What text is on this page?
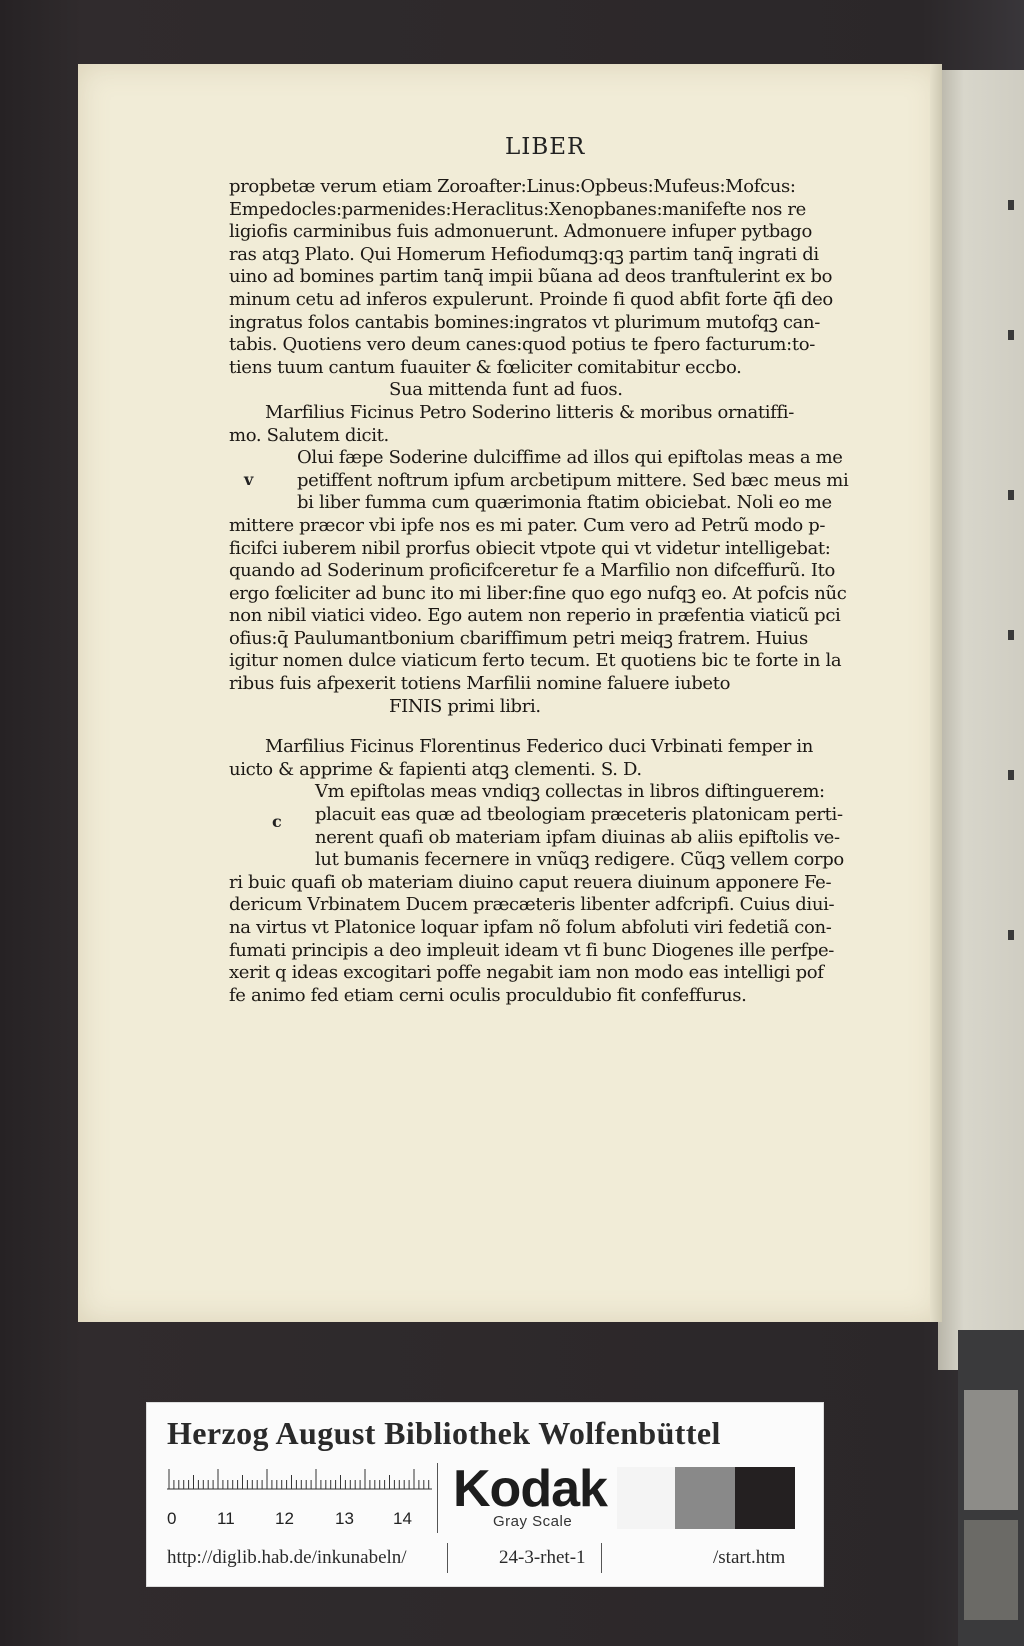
LIBER
propbetæ verum etiam Zoroafter:Linus:Opbeus:Mufeus:Mofcus:
Empedocles:parmenides:Heraclitus:Xenopbanes:manifefte nos re
ligiofis carminibus fuis admonuerunt. Admonuere infuper pytbago
ras atqꝫ Plato. Qui Homerum Hefiodumqꝫ:qꝫ partim tanq̄ ingrati di
uino ad bomines partim tanq̄ impii bũana ad deos tranftulerint ex bo
minum cetu ad inferos expulerunt. Proinde fi quod abfit forte q̄fi deo
ingratus folos cantabis bomines:ingratos vt plurimum mutofqꝫ can-
tabis. Quotiens vero deum canes:quod potius te fpero facturum:to-
tiens tuum cantum fuauiter & fœliciter comitabitur eccbo.
Sua mittenda funt ad fuos.
Marfilius Ficinus Petro Soderino litteris & moribus ornatiffi-
mo. Salutem dicit.
Olui fæpe Soderine dulciffime ad illos qui epiftolas meas a me
petiffent noftrum ipfum arcbetipum mittere. Sed bæc meus mi
bi liber fumma cum quærimonia ftatim obiciebat. Noli eo me
mittere præcor vbi ipfe nos es mi pater. Cum vero ad Petrũ modo p-
ficifci iuberem nibil prorfus obiecit vtpote qui vt videtur intelligebat:
quando ad Soderinum proficifceretur fe a Marfilio non difceffurũ. Ito
ergo fœliciter ad bunc ito mi liber:fine quo ego nufqꝫ eo. At pofcis nũc
non nibil viatici video. Ego autem non reperio in præfentia viaticũ pci
ofius:q̄ Paulumantbonium cbariffimum petri meiqꝫ fratrem. Huius
igitur nomen dulce viaticum ferto tecum. Et quotiens bic te forte in la
ribus fuis afpexerit totiens Marfilii nomine faluere iubeto
FINIS primi libri.
Marfilius Ficinus Florentinus Federico duci Vrbinati femper in
uicto & apprime & fapienti atqꝫ clementi. S. D.
Vm epiftolas meas vndiqꝫ collectas in libros diftinguerem:
placuit eas quæ ad tbeologiam præceteris platonicam perti-
nerent quafi ob materiam ipfam diuinas ab aliis epiftolis ve-
lut bumanis fecernere in vnũqꝫ redigere. Cũqꝫ vellem corpo
ri buic quafi ob materiam diuino caput reuera diuinum apponere Fe-
dericum Vrbinatem Ducem præcæteris libenter adfcripfi. Cuius diui-
na virtus vt Platonice loquar ipfam nõ folum abfoluti viri fedetiã con-
fumati principis a deo impleuit ideam vt fi bunc Diogenes ille perfpe-
xerit q ideas excogitari poffe negabit iam non modo eas intelligi pof
fe animo fed etiam cerni oculis proculdubio fit confeffurus.
v
c
Herzog August Bibliothek Wolfenbüttel
0 11 12 13 14
Kodak
Gray Scale
http://diglib.hab.de/inkunabeln/	24-3-rhet-1	/start.htm
